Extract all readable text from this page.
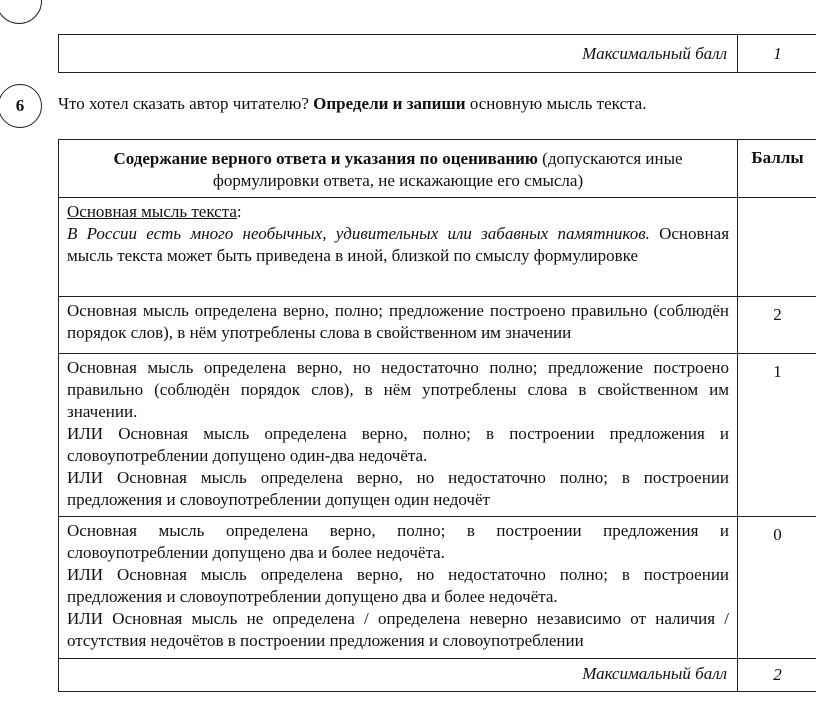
Максимальный балл	1
6	Что хотел сказать автор читателю? Определи и запиши основную мысль текста.
Содержание верного ответа и указания по оцениванию (допускаются иные формулировки ответа, не искажающие его смысла)	Баллы
Основная мысль текста:
В России есть много необычных, удивительных или забавных памятников. Основная мысль текста может быть приведена в иной, близкой по смыслу формулировке	

Основная мысль определена верно, полно; предложение построено правильно (соблюдён порядок слов), в нём употреблены слова в свойственном им значении	2

Основная мысль определена верно, но недостаточно полно; предложение построено правильно (соблюдён порядок слов), в нём употреблены слова в свойственном им значении.
ИЛИ Основная мысль определена верно, полно; в построении предложения и словоупотреблении допущено один-два недочёта.
ИЛИ Основная мысль определена верно, но недостаточно полно; в построении предложения и словоупотреблении допущен один недочёт	1

Основная мысль определена верно, полно; в построении предложения и словоупотреблении допущено два и более недочёта.
ИЛИ Основная мысль определена верно, но недостаточно полно; в построении предложения и словоупотреблении допущено два и более недочёта.
ИЛИ Основная мысль не определена / определена неверно независимо от наличия / отсутствия недочётов в построении предложения и словоупотреблении	0
Максимальный балл	2
